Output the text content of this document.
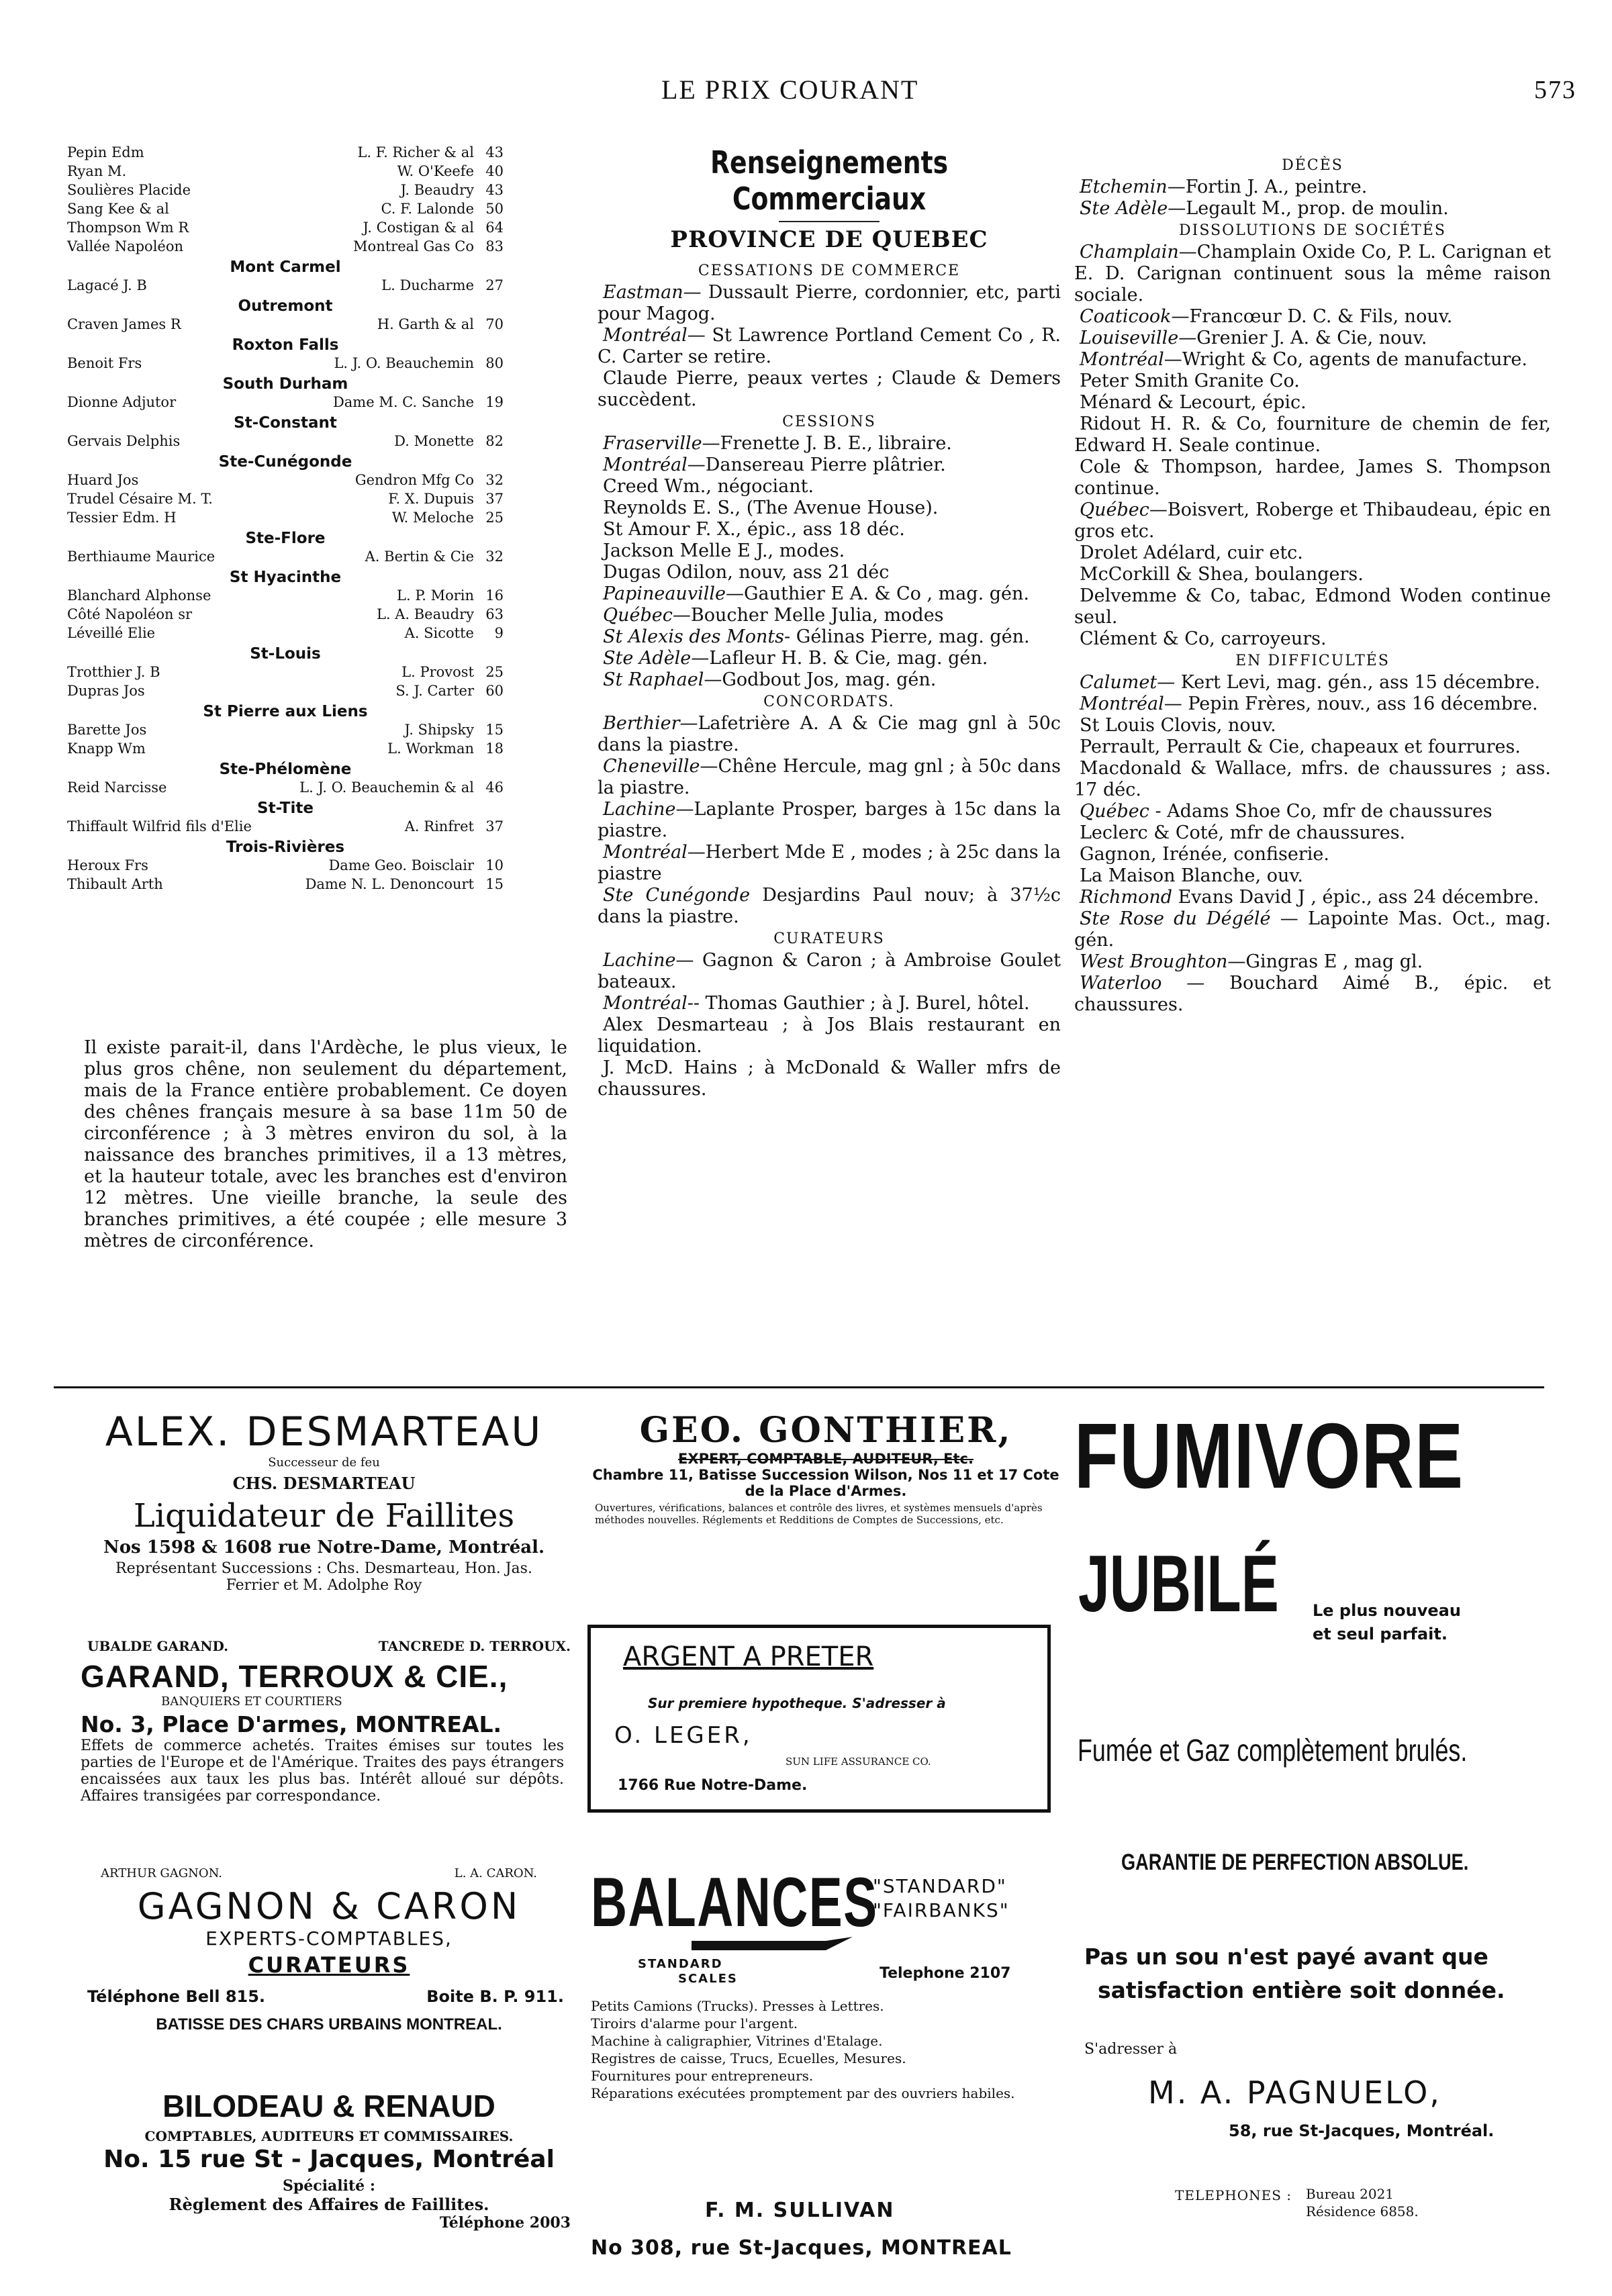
LE PRIX COURANT	573
Pepin Edm	L. F. Richer & al 43
Ryan M.	W. O'Keefe 40
Soulières Placide	J. Beaudry 43
Sang Kee & al	C. F. Lalonde 50
Thompson Wm R	J. Costigan & al 64
Vallée Napoléon	Montreal Gas Co 83
Mont Carmel
Lagacé J. B	L. Ducharme 27
Outremont
Craven James R	H. Garth & al 70
Roxton Falls
Benoit Frs	L. J. O. Beauchemin 80
South Durham
Dionne Adjutor	Dame M. C. Sanche 19
St-Constant
Gervais Delphis	D. Monette 82
Ste-Cunégonde
Huard Jos	Gendron Mfg Co 32
Trudel Césaire M. T.	F. X. Dupuis 37
Tessier Edm. H	W. Meloche 25
Ste-Flore
Berthiaume Maurice	A. Bertin & Cie 32
St Hyacinthe
Blanchard Alphonse	L. P. Morin 16
Côté Napoléon sr	L. A. Beaudry 63
Léveillé Elie	A. Sicotte	9
St-Louis
Trotthier J. B	L. Provost 25
Dupras Jos	S. J. Carter 60
St Pierre aux Liens
Barette Jos	J. Shipsky 15
Knapp Wm	L. Workman 18
Ste-Phélomène
Reid Narcisse	L. J. O. Beauchemin & al 46
St-Tite
Thiffault Wilfrid fils d'Elie	A. Rinfret 37
Trois-Rivières
Heroux Frs	Dame Geo. Boisclair 10
Thibault Arth	Dame N. L. Denoncourt 15
Il existe parait-il, dans l'Ardèche, le plus vieux, le plus gros chêne, non seulement du département, mais de la France entière probablement. Ce doyen des chênes français mesure à sa base 11m 50 de circonférence ; à 3 mètres environ du sol, à la naissance des branches primitives, il a 13 mètres, et la hauteur totale, avec les branches est d'environ 12 mètres. Une vieille branche, la seule des branches primitives, a été coupée ; elle mesure 3 mètres de circonférence.
Renseignements Commerciaux
PROVINCE DE QUEBEC
CESSATIONS DE COMMERCE
Eastman— Dussault Pierre, cordonnier, etc, parti pour Magog.
Montréal— St Lawrence Portland Cement Co , R. C. Carter se retire.
Claude Pierre, peaux vertes ; Claude & Demers succèdent.
CESSIONS
Fraserville—Frenette J. B. E., libraire.
Montréal—Dansereau Pierre plâtrier.
Creed Wm., négociant.
Reynolds E. S., (The Avenue House).
St Amour F. X., épic., ass 18 déc.
Jackson Melle E J., modes.
Dugas Odilon, nouv, ass 21 déc
Papineauville—Gauthier E A. & Co , mag. gén.
Québec—Boucher Melle Julia, modes
St Alexis des Monts- Gélinas Pierre, mag. gén.
Ste Adèle—Lafleur H. B. & Cie, mag. gén.
St Raphael—Godbout Jos, mag. gén.
CONCORDATS.
Berthier—Lafetrière A. A & Cie mag gnl à 50c dans la piastre.
Cheneville—Chêne Hercule, mag gnl ; à 50c dans la piastre.
Lachine—Laplante Prosper, barges à 15c dans la piastre.
Montréal—Herbert Mde E , modes ; à 25c dans la piastre
Ste Cunégonde Desjardins Paul nouv; à 37½c dans la piastre.
CURATEURS
Lachine— Gagnon & Caron ; à Ambroise Goulet bateaux.
Montréal-- Thomas Gauthier ; à J. Burel, hôtel.
Alex Desmarteau ; à Jos Blais restaurant en liquidation.
J. McD. Hains ; à McDonald & Waller mfrs de chaussures.
DÉCÈS
Etchemin—Fortin J. A., peintre.
Ste Adèle—Legault M., prop. de moulin.
DISSOLUTIONS DE SOCIÉTÉS
Champlain—Champlain Oxide Co, P. L. Carignan et E. D. Carignan continuent sous la même raison sociale.
Coaticook—Francœur D. C. & Fils, nouv.
Louiseville—Grenier J. A. & Cie, nouv.
Montréal—Wright & Co, agents de manufacture.
Peter Smith Granite Co.
Ménard & Lecourt, épic.
Ridout H. R. & Co, fourniture de chemin de fer, Edward H. Seale continue.
Cole & Thompson, hardee, James S. Thompson continue.
Québec—Boisvert, Roberge et Thibaudeau, épic en gros etc.
Drolet Adélard, cuir etc.
McCorkill & Shea, boulangers.
Delvemme & Co, tabac, Edmond Woden continue seul.
Clément & Co, carroyeurs.
EN DIFFICULTÉS
Calumet— Kert Levi, mag. gén., ass 15 décembre.
Montréal— Pepin Frères, nouv., ass 16 décembre.
St Louis Clovis, nouv.
Perrault, Perrault & Cie, chapeaux et fourrures.
Macdonald & Wallace, mfrs. de chaussures ; ass. 17 déc.
Québec - Adams Shoe Co, mfr de chaussures
Leclerc & Coté, mfr de chaussures.
Gagnon, Irénée, confiserie.
La Maison Blanche, ouv.
Richmond Evans David J , épic., ass 24 décembre.
Ste Rose du Dégélé — Lapointe Mas. Oct., mag. gén.
West Broughton—Gingras E , mag gl.
Waterloo — Bouchard Aimé B., épic. et chaussures.
ALEX. DESMARTEAU
Successeur de feu
CHS. DESMARTEAU
Liquidateur de Faillites
Nos 1598 & 1608 rue Notre-Dame, Montréal.
Représentant Successions : Chs. Desmarteau, Hon. Jas. Ferrier et M. Adolphe Roy
UBALDE GARAND.	TANCREDE D. TERROUX.
GARAND, TERROUX & CIE.,
BANQUIERS ET COURTIERS
No. 3, Place D'armes, MONTREAL.
Effets de commerce achetés. Traites émises sur toutes les parties de l'Europe et de l'Amérique. Traites des pays étrangers encaissées aux taux les plus bas. Intérêt alloué sur dépôts. Affaires transigées par correspondance.
ARTHUR GAGNON.	L. A. CARON.
GAGNON & CARON
EXPERTS-COMPTABLES,
CURATEURS
Téléphone Bell 815.	Boite B. P. 911.
BATISSE DES CHARS URBAINS MONTREAL.
BILODEAU & RENAUD
COMPTABLES, AUDITEURS ET COMMISSAIRES.
No. 15 rue St - Jacques, Montréal
Spécialité :
Règlement des Affaires de Faillites.
Téléphone 2003
GEO. GONTHIER,
EXPERT, COMPTABLE, AUDITEUR, Etc.
Chambre 11, Batisse Succession Wilson, Nos 11 et 17 Cote de la Place d'Armes.
Ouvertures, vérifications, balances et contrôle des livres, et systèmes mensuels d'après méthodes nouvelles. Réglements et Redditions de Comptes de Successions, etc.
ARGENT A PRETER
Sur premiere hypotheque. S'adresser à
O. LEGER,
SUN LIFE ASSURANCE CO.
1766 Rue Notre-Dame.
BALANCES
"STANDARD"
"FAIRBANKS"
STANDARD
SCALES	Telephone 2107
Petits Camions (Trucks). Presses à Lettres.
Tiroirs d'alarme pour l'argent.
Machine à caligraphier, Vitrines d'Etalage.
Registres de caisse, Trucs, Ecuelles, Mesures.
Fournitures pour entrepreneurs.
Réparations exécutées promptement par des ouvriers habiles.
F. M. SULLIVAN
No 308, rue St-Jacques, MONTREAL
FUMIVORE
JUBILÉ Le plus nouveau
et seul parfait.
Fumée et Gaz complètement brulés.
GARANTIE DE PERFECTION ABSOLUE.
Pas un sou n'est payé avant que
satisfaction entière soit donnée.
S'adresser à
M. A. PAGNUELO,
58, rue St-Jacques, Montréal.
TELEPHONES : Bureau 2021
Résidence 6858.
